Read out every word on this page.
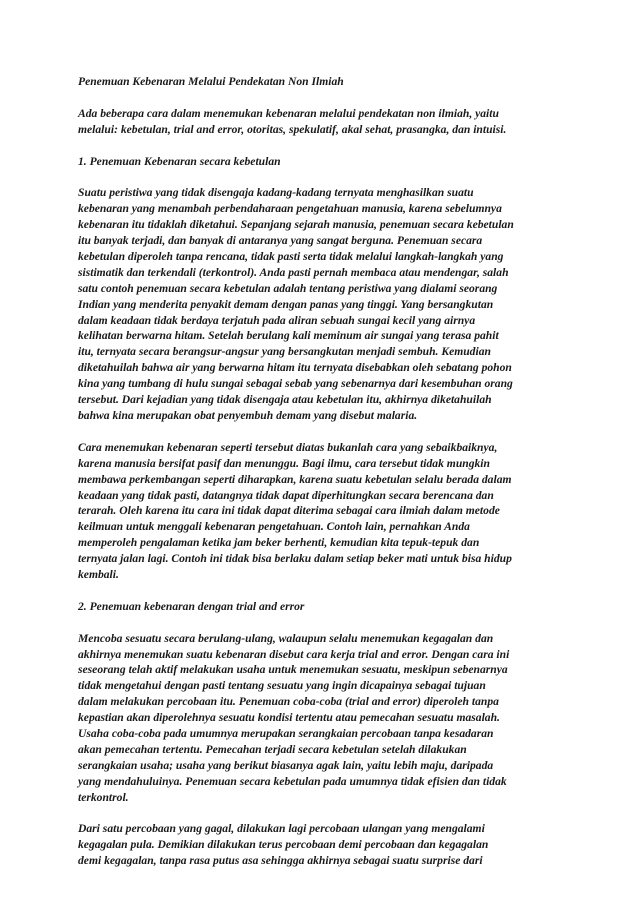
Penemuan Kebenaran Melalui Pendekatan Non Ilmiah
Ada beberapa cara dalam menemukan kebenaran melalui pendekatan non ilmiah, yaitu
melalui: kebetulan, trial and error, otoritas, spekulatif, akal sehat, prasangka, dan intuisi.
1. Penemuan Kebenaran secara kebetulan
Suatu peristiwa yang tidak disengaja kadang-kadang ternyata menghasilkan suatu
kebenaran yang menambah perbendaharaan pengetahuan manusia, karena sebelumnya
kebenaran itu tidaklah diketahui. Sepanjang sejarah manusia, penemuan secara kebetulan
itu banyak terjadi, dan banyak di antaranya yang sangat berguna. Penemuan secara
kebetulan diperoleh tanpa rencana, tidak pasti serta tidak melalui langkah-langkah yang
sistimatik dan terkendali (terkontrol). Anda pasti pernah membaca atau mendengar, salah
satu contoh penemuan secara kebetulan adalah tentang peristiwa yang dialami seorang
Indian yang menderita penyakit demam dengan panas yang tinggi. Yang bersangkutan
dalam keadaan tidak berdaya terjatuh pada aliran sebuah sungai kecil yang airnya
kelihatan berwarna hitam. Setelah berulang kali meminum air sungai yang terasa pahit
itu, ternyata secara berangsur-angsur yang bersangkutan menjadi sembuh. Kemudian
diketahuilah bahwa air yang berwarna hitam itu ternyata disebabkan oleh sebatang pohon
kina yang tumbang di hulu sungai sebagai sebab yang sebenarnya dari kesembuhan orang
tersebut. Dari kejadian yang tidak disengaja atau kebetulan itu, akhirnya diketahuilah
bahwa kina merupakan obat penyembuh demam yang disebut malaria.
Cara menemukan kebenaran seperti tersebut diatas bukanlah cara yang sebaikbaiknya,
karena manusia bersifat pasif dan menunggu. Bagi ilmu, cara tersebut tidak mungkin
membawa perkembangan seperti diharapkan, karena suatu kebetulan selalu berada dalam
keadaan yang tidak pasti, datangnya tidak dapat diperhitungkan secara berencana dan
terarah. Oleh karena itu cara ini tidak dapat diterima sebagai cara ilmiah dalam metode
keilmuan untuk menggali kebenaran pengetahuan. Contoh lain, pernahkan Anda
memperoleh pengalaman ketika jam beker berhenti, kemudian kita tepuk-tepuk dan
ternyata jalan lagi. Contoh ini tidak bisa berlaku dalam setiap beker mati untuk bisa hidup
kembali.
2. Penemuan kebenaran dengan trial and error
Mencoba sesuatu secara berulang-ulang, walaupun selalu menemukan kegagalan dan
akhirnya menemukan suatu kebenaran disebut cara kerja trial and error. Dengan cara ini
seseorang telah aktif melakukan usaha untuk menemukan sesuatu, meskipun sebenarnya
tidak mengetahui dengan pasti tentang sesuatu yang ingin dicapainya sebagai tujuan
dalam melakukan percobaan itu. Penemuan coba-coba (trial and error) diperoleh tanpa
kepastian akan diperolehnya sesuatu kondisi tertentu atau pemecahan sesuatu masalah.
Usaha coba-coba pada umumnya merupakan serangkaian percobaan tanpa kesadaran
akan pemecahan tertentu. Pemecahan terjadi secara kebetulan setelah dilakukan
serangkaian usaha; usaha yang berikut biasanya agak lain, yaitu lebih maju, daripada
yang mendahuluinya. Penemuan secara kebetulan pada umumnya tidak efisien dan tidak
terkontrol.
Dari satu percobaan yang gagal, dilakukan lagi percobaan ulangan yang mengalami
kegagalan pula. Demikian dilakukan terus percobaan demi percobaan dan kegagalan
demi kegagalan, tanpa rasa putus asa sehingga akhirnya sebagai suatu surprise dari
